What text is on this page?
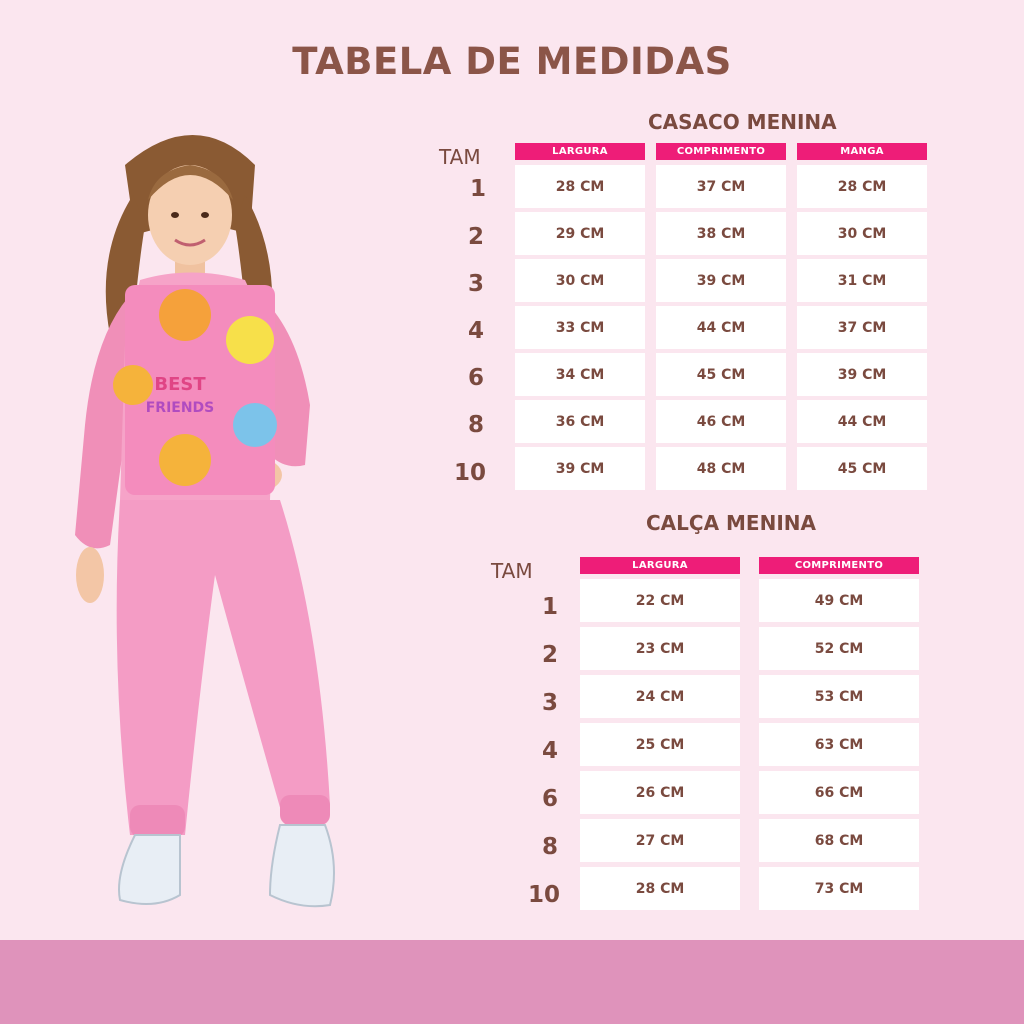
TABELA DE MEDIDAS
BEST
FRIENDS
CASACO MENINA
TAM	LARGURA	COMPRIMENTO	MANGA
1	28 CM	37 CM	28 CM
2	29 CM	38 CM	30 CM
3	30 CM	39 CM	31 CM
4	33 CM	44 CM	37 CM
6	34 CM	45 CM	39 CM
8	36 CM	46 CM	44 CM
10	39 CM	48 CM	45 CM
CALÇA MENINA
TAM	LARGURA	COMPRIMENTO
1	22 CM	49 CM
2	23 CM	52 CM
3	24 CM	53 CM
4	25 CM	63 CM
6	26 CM	66 CM
8	27 CM	68 CM
10	28 CM	73 CM
